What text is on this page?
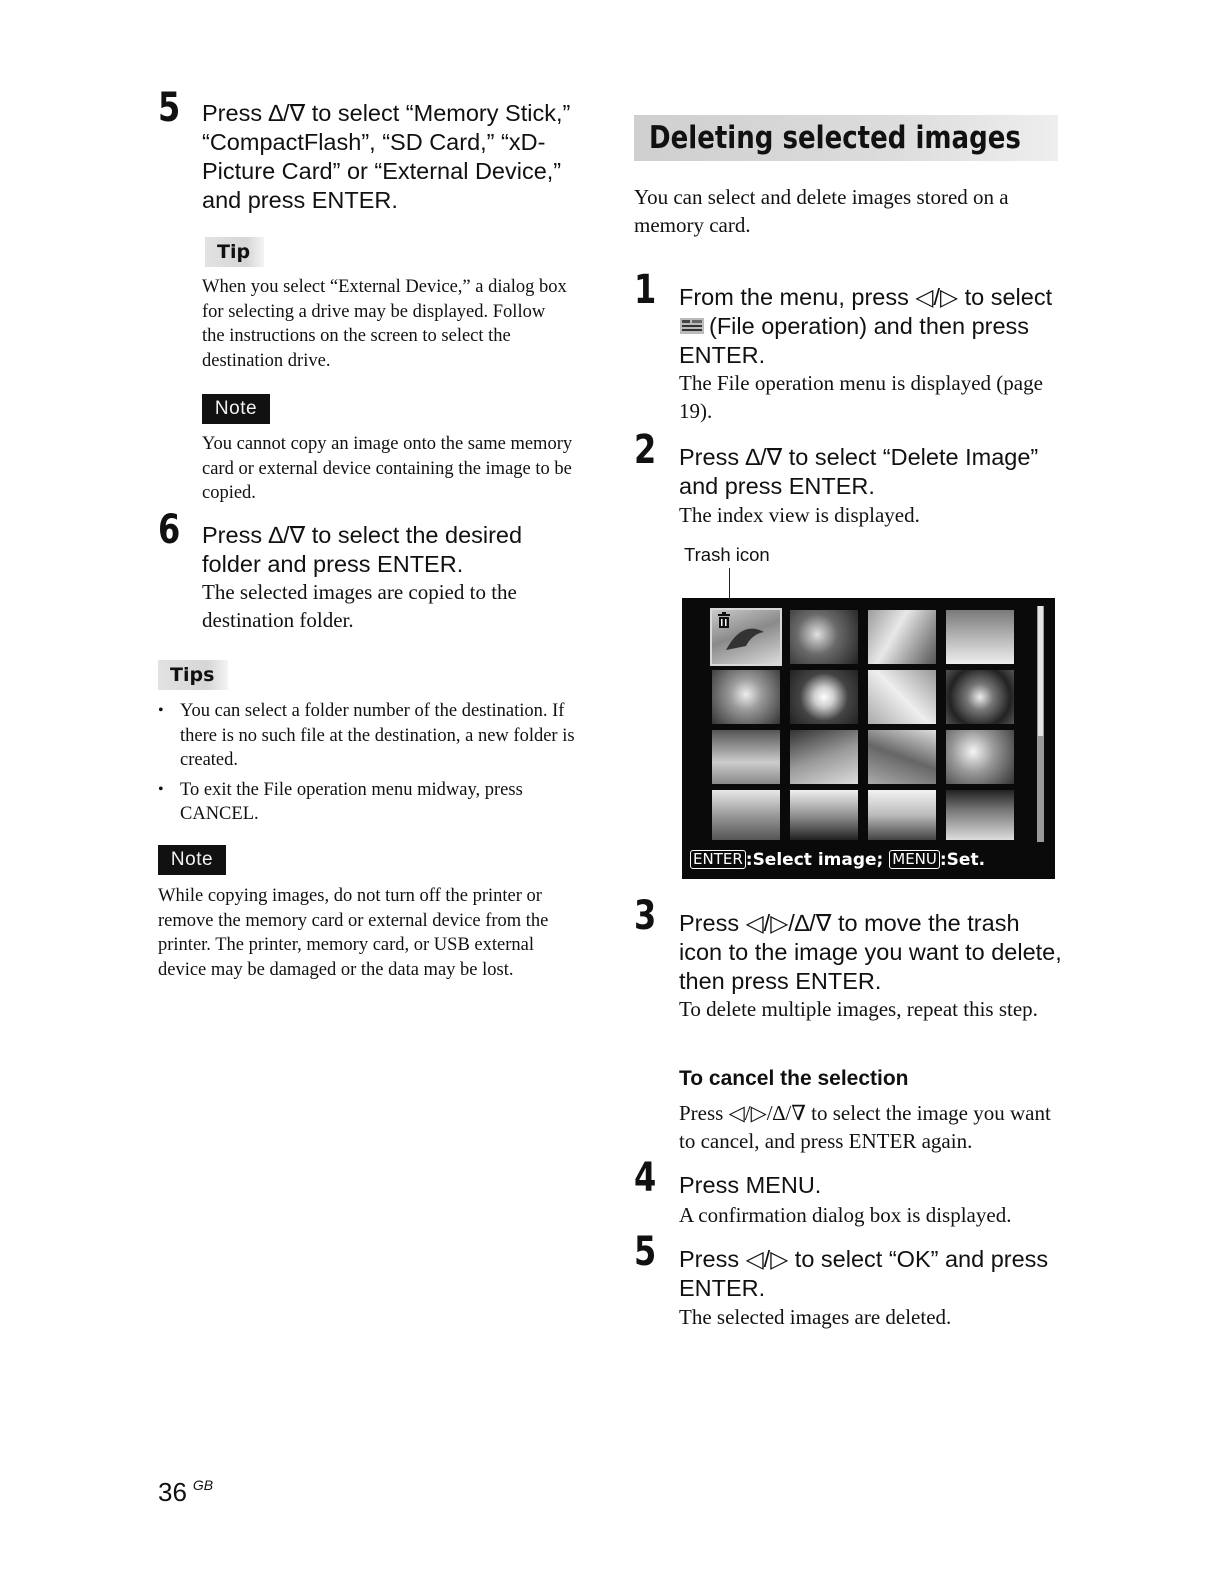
5 Press ∆/∇ to select “Memory Stick,” “CompactFlash”, “SD Card,” “xD-Picture Card” or “External Device,” and press ENTER.
Tip
When you select “External Device,” a dialog box for selecting a drive may be displayed. Follow the instructions on the screen to select the destination drive.
Note
You cannot copy an image onto the same memory card or external device containing the image to be copied.
6 Press ∆/∇ to select the desired folder and press ENTER.
The selected images are copied to the destination folder.
Tips
• You can select a folder number of the destination. If there is no such file at the destination, a new folder is created.
• To exit the File operation menu midway, press CANCEL.
Note
While copying images, do not turn off the printer or remove the memory card or external device from the printer. The printer, memory card, or USB external device may be damaged or the data may be lost.
Deleting selected images
You can select and delete images stored on a memory card.
1 From the menu, press ◁/▷ to select
(File operation) and then press ENTER.
The File operation menu is displayed (page 19).
2 Press ∆/∇ to select “Delete Image” and press ENTER.
The index view is displayed.
Trash icon
ENTER :Select image; MENU :Set.
3 Press ◁/▷/∆/∇ to move the trash icon to the image you want to delete, then press ENTER.
To delete multiple images, repeat this step.
To cancel the selection
Press ◁/▷/∆/∇ to select the image you want to cancel, and press ENTER again.
4 Press MENU.
A confirmation dialog box is displayed.
5 Press ◁/▷ to select “OK” and press ENTER.
The selected images are deleted.
36 $^{GB}$
